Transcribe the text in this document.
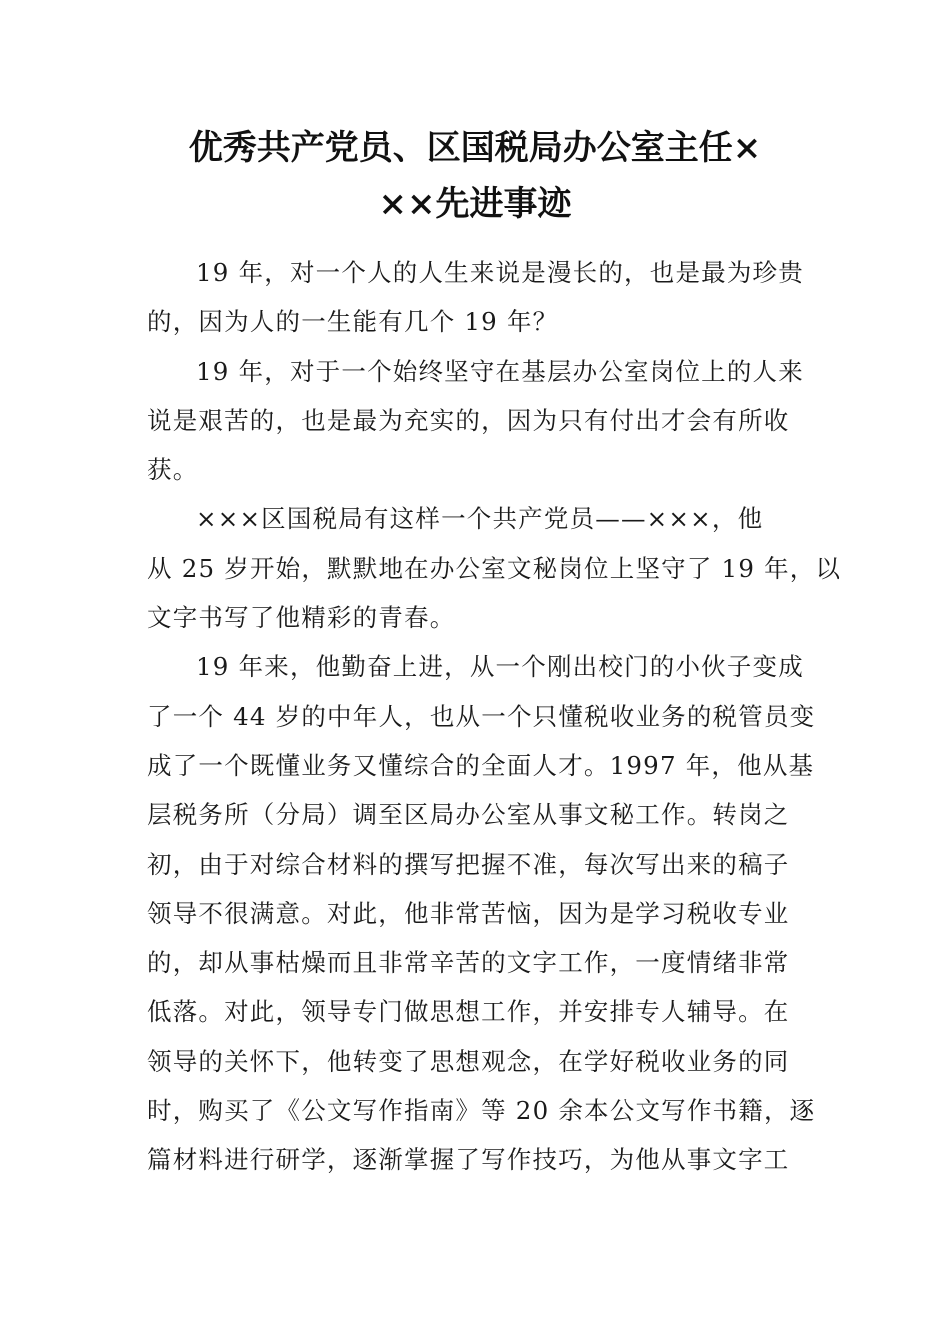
优秀共产党员、区国税局办公室主任×
××先进事迹
19 年，对一个人的人生来说是漫长的，也是最为珍贵
的，因为人的一生能有几个 19 年？
19 年，对于一个始终坚守在基层办公室岗位上的人来
说是艰苦的，也是最为充实的，因为只有付出才会有所收
获。
×××区国税局有这样一个共产党员——×××，他
从 25 岁开始，默默地在办公室文秘岗位上坚守了 19 年，以
文字书写了他精彩的青春。
19 年来，他勤奋上进，从一个刚出校门的小伙子变成
了一个 44 岁的中年人，也从一个只懂税收业务的税管员变
成了一个既懂业务又懂综合的全面人才。1997 年，他从基
层税务所（分局）调至区局办公室从事文秘工作。转岗之
初，由于对综合材料的撰写把握不准，每次写出来的稿子
领导不很满意。对此，他非常苦恼，因为是学习税收专业
的，却从事枯燥而且非常辛苦的文字工作，一度情绪非常
低落。对此，领导专门做思想工作，并安排专人辅导。在
领导的关怀下，他转变了思想观念，在学好税收业务的同
时，购买了《公文写作指南》等 20 余本公文写作书籍，逐
篇材料进行研学，逐渐掌握了写作技巧，为他从事文字工
